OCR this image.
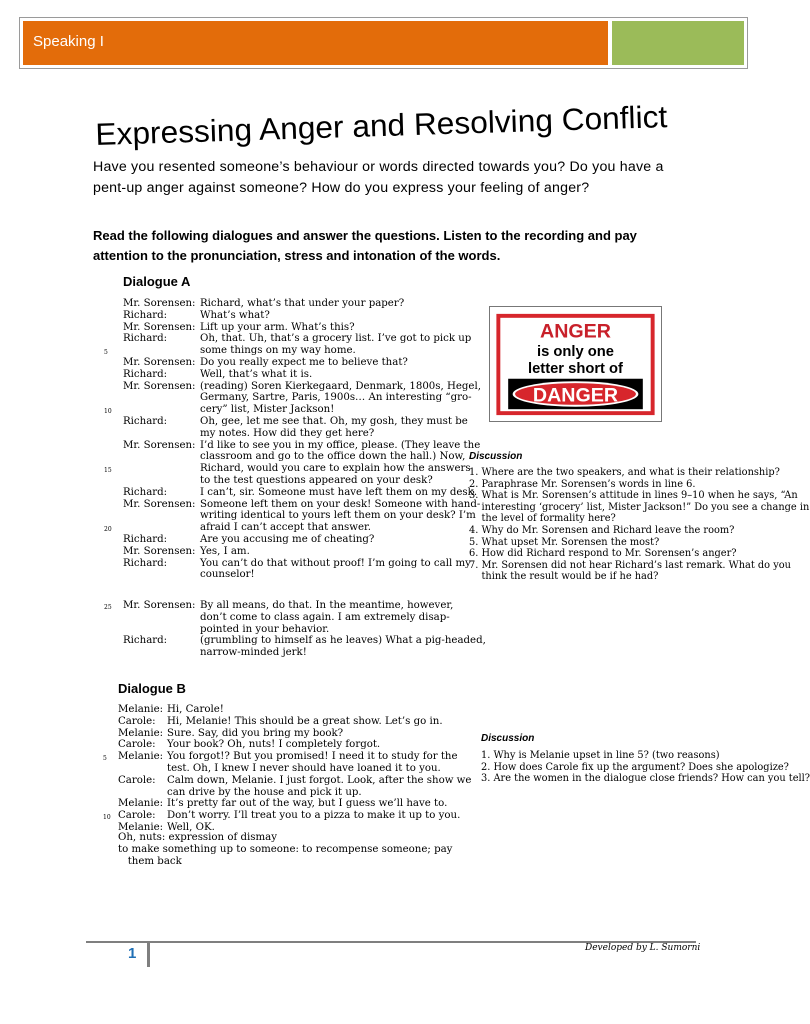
Speaking I
Expressing Anger and Resolving Conflict
Have you resented someone’s behaviour or words directed towards you? Do you have a pent-up anger against someone? How do you express your feeling of anger?
Read the following dialogues and answer the questions. Listen to the recording and pay attention to the pronunciation, stress and intonation of the words.
Dialogue A
Mr. Sorensen: Richard, what’s that under your paper?
Richard:	What’s what?
Mr. Sorensen: Lift up your arm. What’s this?
Richard:	Oh, that. Uh, that’s a grocery list. I’ve got to pick up
5	some things on my way home.
Mr. Sorensen: Do you really expect me to believe that?
Richard:	Well, that’s what it is.
Mr. Sorensen: (reading) Soren Kierkegaard, Denmark, 1800s, Hegel,
Germany, Sartre, Paris, 1900s… An interesting “gro-
10	cery” list, Mister Jackson!
Richard:	Oh, gee, let me see that. Oh, my gosh, they must be
my notes. How did they get here?
Mr. Sorensen: I’d like to see you in my office, please. (They leave the
classroom and go to the office down the hall.) Now,
15	Richard, would you care to explain how the answers
to the test questions appeared on your desk?
Richard:	I can’t, sir. Someone must have left them on my desk.
Mr. Sorensen: Someone left them on your desk! Someone with hand-
writing identical to yours left them on your desk? I’m
20	afraid I can’t accept that answer.
Richard:	Are you accusing me of cheating?
Mr. Sorensen: Yes, I am.
Richard:	You can’t do that without proof! I’m going to call my
counselor!
25 Mr. Sorensen: By all means, do that. In the meantime, however,
don’t come to class again. I am extremely disap-
pointed in your behavior.
Richard:	(grumbling to himself as he leaves) What a pig-headed,
narrow-minded jerk!
ANGER
is only one
letter short of
DANGER
Discussion
1. Where are the two speakers, and what is their relationship?
2. Paraphrase Mr. Sorensen’s words in line 6.
3. What is Mr. Sorensen’s attitude in lines 9–10 when he says, “An
interesting ‘grocery’ list, Mister Jackson!” Do you see a change in
the level of formality here?
4. Why do Mr. Sorensen and Richard leave the room?
5. What upset Mr. Sorensen the most?
6. How did Richard respond to Mr. Sorensen’s anger?
7. Mr. Sorensen did not hear Richard’s last remark. What do you
think the result would be if he had?
Dialogue B
Melanie: Hi, Carole!
Carole: Hi, Melanie! This should be a great show. Let’s go in.
Melanie: Sure. Say, did you bring my book?
Carole: Your book? Oh, nuts! I completely forgot.
5 Melanie: You forgot!? But you promised! I need it to study for the
test. Oh, I knew I never should have loaned it to you.
Carole: Calm down, Melanie. I just forgot. Look, after the show we
can drive by the house and pick it up.
Melanie: It’s pretty far out of the way, but I guess we’ll have to.
10 Carole: Don’t worry. I’ll treat you to a pizza to make it up to you.
Melanie: Well, OK.
Oh, nuts: expression of dismay
to make something up to someone: to recompense someone; pay
them back
Discussion
1. Why is Melanie upset in line 5? (two reasons)
2. How does Carole fix up the argument? Does she apologize?
3. Are the women in the dialogue close friends? How can you tell?
1	Developed by L. Sumorni
